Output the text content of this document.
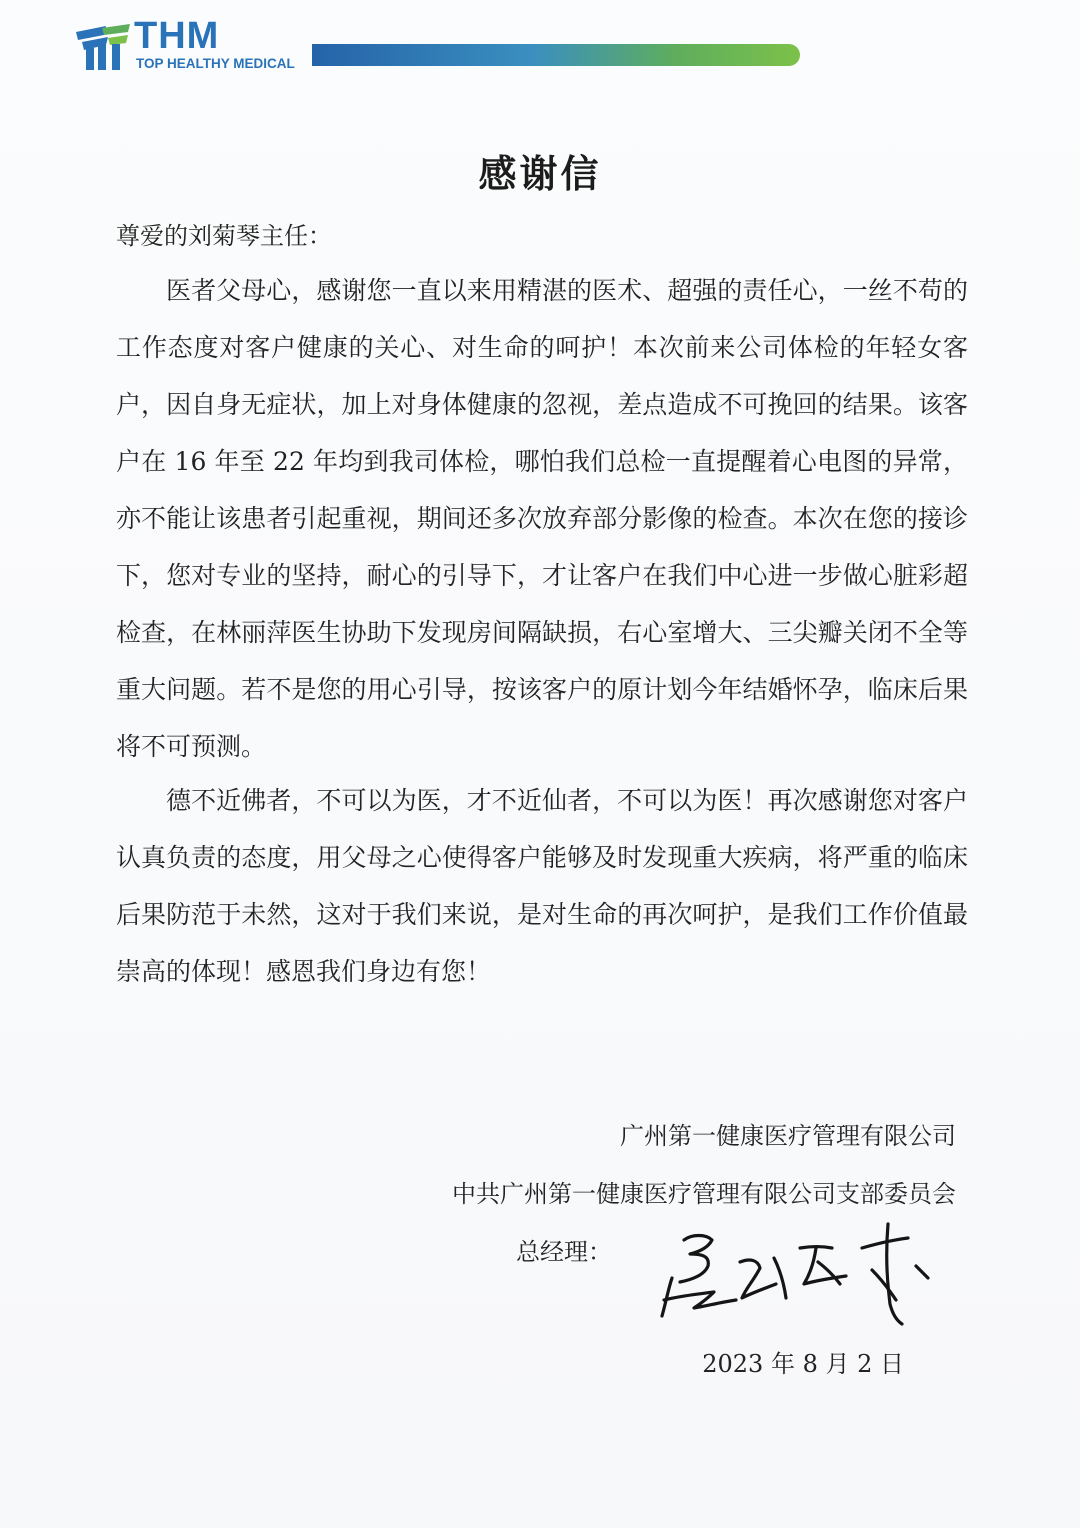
THM
TOP HEALTHY MEDICAL
感谢信
尊爱的刘菊琴主任：

医者父母心，感谢您一直以来用精湛的医术、超强的责任心，一丝不苟的工作态度对客户健康的关心、对生命的呵护！本次前来公司体检的年轻女客户，因自身无症状，加上对身体健康的忽视，差点造成不可挽回的结果。该客户在 16 年至 22 年均到我司体检，哪怕我们总检一直提醒着心电图的异常，亦不能让该患者引起重视，期间还多次放弃部分影像的检查。本次在您的接诊下，您对专业的坚持，耐心的引导下，才让客户在我们中心进一步做心脏彩超检查，在林丽萍医生协助下发现房间隔缺损，右心室增大、三尖瓣关闭不全等重大问题。若不是您的用心引导，按该客户的原计划今年结婚怀孕，临床后果将不可预测。

德不近佛者，不可以为医，才不近仙者，不可以为医！再次感谢您对客户认真负责的态度，用父母之心使得客户能够及时发现重大疾病，将严重的临床后果防范于未然，这对于我们来说，是对生命的再次呵护，是我们工作价值最崇高的体现！感恩我们身边有您！

广州第一健康医疗管理有限公司
中共广州第一健康医疗管理有限公司支部委员会
总经理：
2023 年 8 月 2 日
